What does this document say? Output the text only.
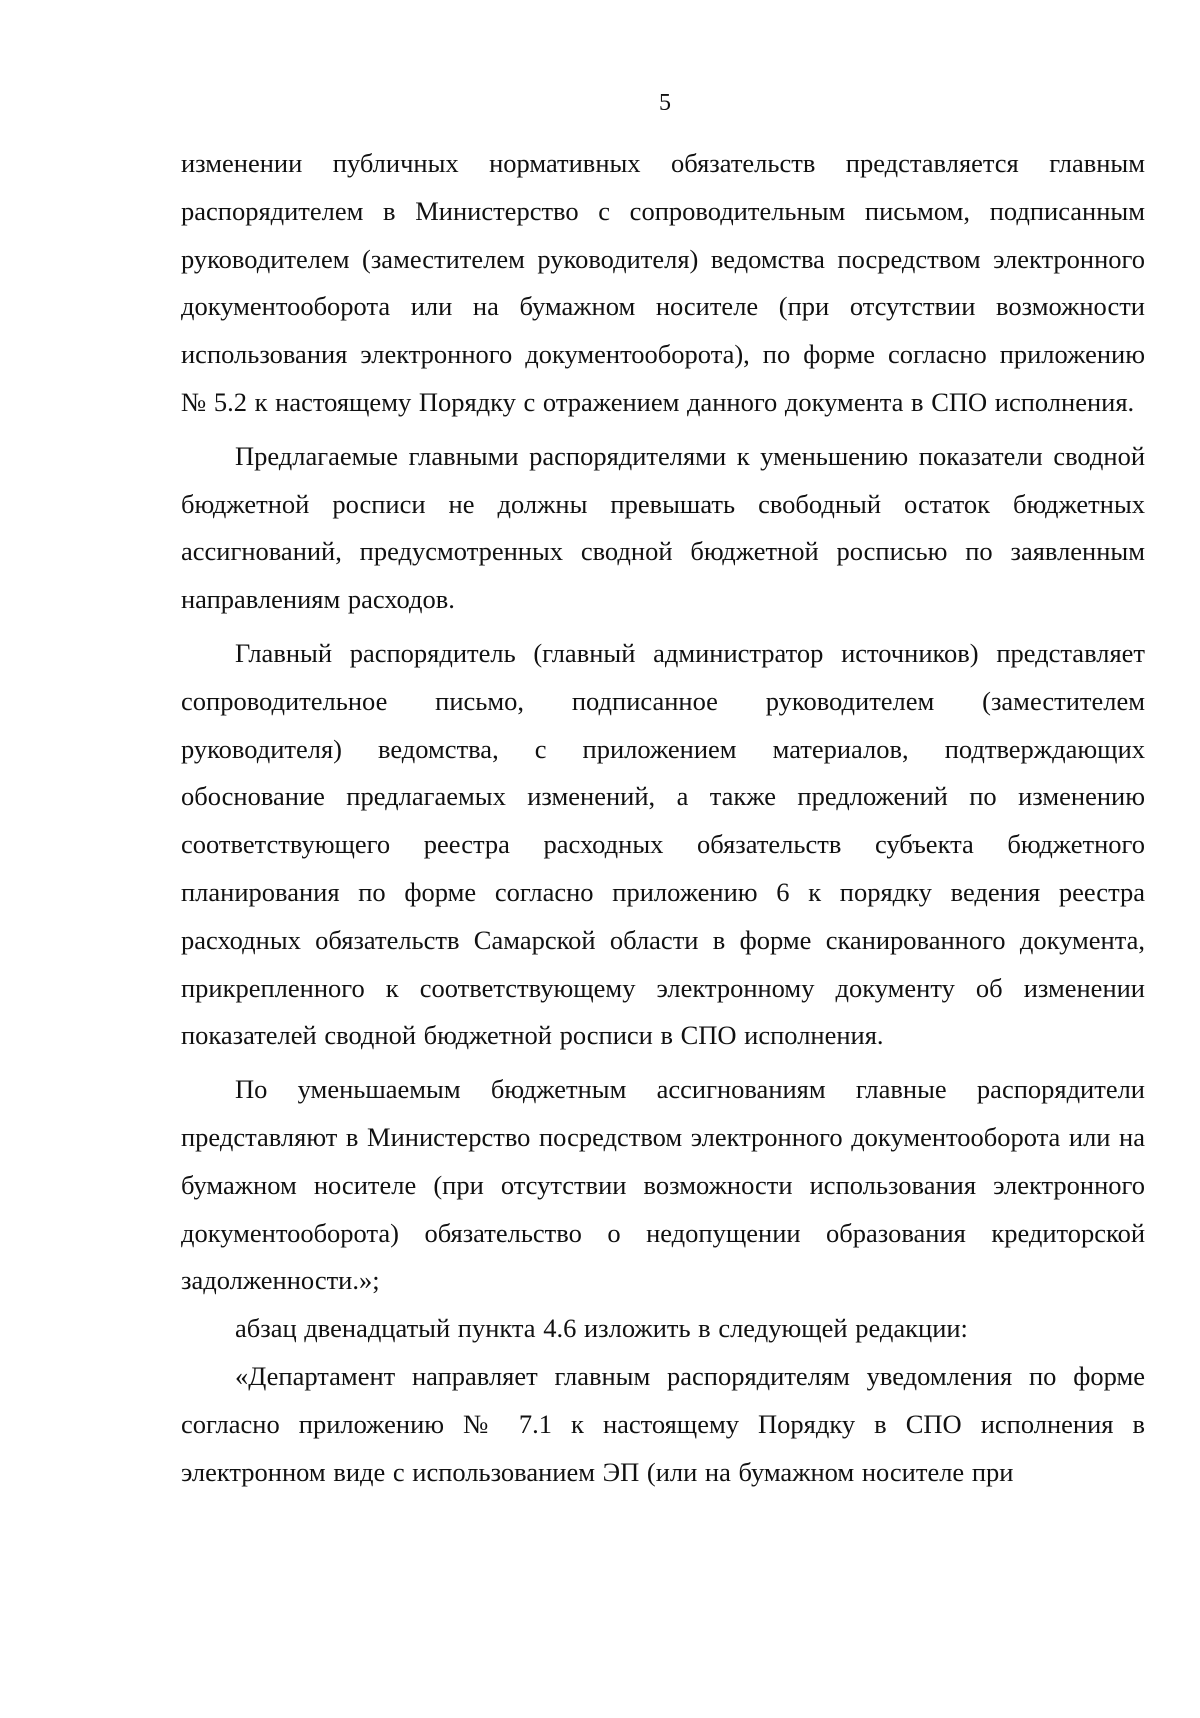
5

изменении публичных нормативных обязательств представляется главным распорядителем в Министерство с сопроводительным письмом, подписанным руководителем (заместителем руководителя) ведомства посредством электронного документооборота или на бумажном носителе (при отсутствии возможности использования электронного документооборота), по форме согласно приложению № 5.2 к настоящему Порядку с отражением данного документа в СПО исполнения.

Предлагаемые главными распорядителями к уменьшению показатели сводной бюджетной росписи не должны превышать свободный остаток бюджетных ассигнований, предусмотренных сводной бюджетной росписью по заявленным направлениям расходов.

Главный распорядитель (главный администратор источников) представляет сопроводительное письмо, подписанное руководителем (заместителем руководителя) ведомства, с приложением материалов, подтверждающих обоснование предлагаемых изменений, а также предложений по изменению соответствующего реестра расходных обязательств субъекта бюджетного планирования по форме согласно приложению 6 к порядку ведения реестра расходных обязательств Самарской области в форме сканированного документа, прикрепленного к соответствующему электронному документу об изменении показателей сводной бюджетной росписи в СПО исполнения.

По уменьшаемым бюджетным ассигнованиям главные распорядители представляют в Министерство посредством электронного документооборота или на бумажном носителе (при отсутствии возможности использования электронного документооборота) обязательство о недопущении образования кредиторской задолженности.»;

абзац двенадцатый пункта 4.6 изложить в следующей редакции:

«Департамент направляет главным распорядителям уведомления по форме согласно приложению № 7.1 к настоящему Порядку в СПО исполнения в электронном виде с использованием ЭП (или на бумажном носителе при
